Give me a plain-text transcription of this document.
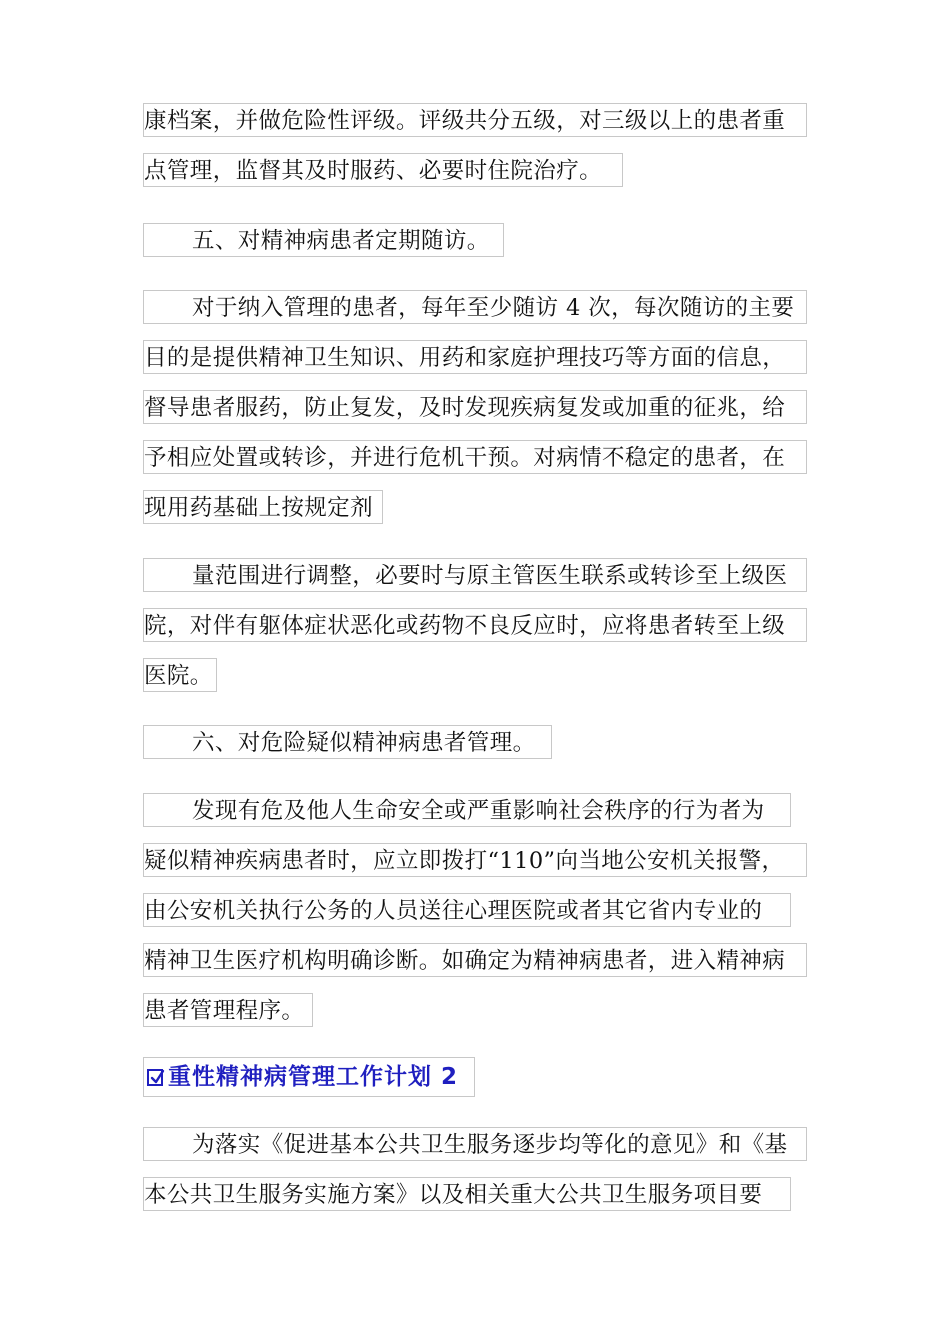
康档案，并做危险性评级。评级共分五级，对三级以上的患者重
点管理，监督其及时服药、必要时住院治疗。
五、对精神病患者定期随访。
对于纳入管理的患者，每年至少随访 4 次，每次随访的主要
目的是提供精神卫生知识、用药和家庭护理技巧等方面的信息，
督导患者服药，防止复发，及时发现疾病复发或加重的征兆，给
予相应处置或转诊，并进行危机干预。对病情不稳定的患者，在
现用药基础上按规定剂
量范围进行调整，必要时与原主管医生联系或转诊至上级医
院，对伴有躯体症状恶化或药物不良反应时，应将患者转至上级
医院。
六、对危险疑似精神病患者管理。
发现有危及他人生命安全或严重影响社会秩序的行为者为
疑似精神疾病患者时，应立即拨打“110”向当地公安机关报警，
由公安机关执行公务的人员送往心理医院或者其它省内专业的
精神卫生医疗机构明确诊断。如确定为精神病患者，进入精神病
患者管理程序。
重性精神病管理工作计划 2
为落实《促进基本公共卫生服务逐步均等化的意见》和《基
本公共卫生服务实施方案》以及相关重大公共卫生服务项目要
